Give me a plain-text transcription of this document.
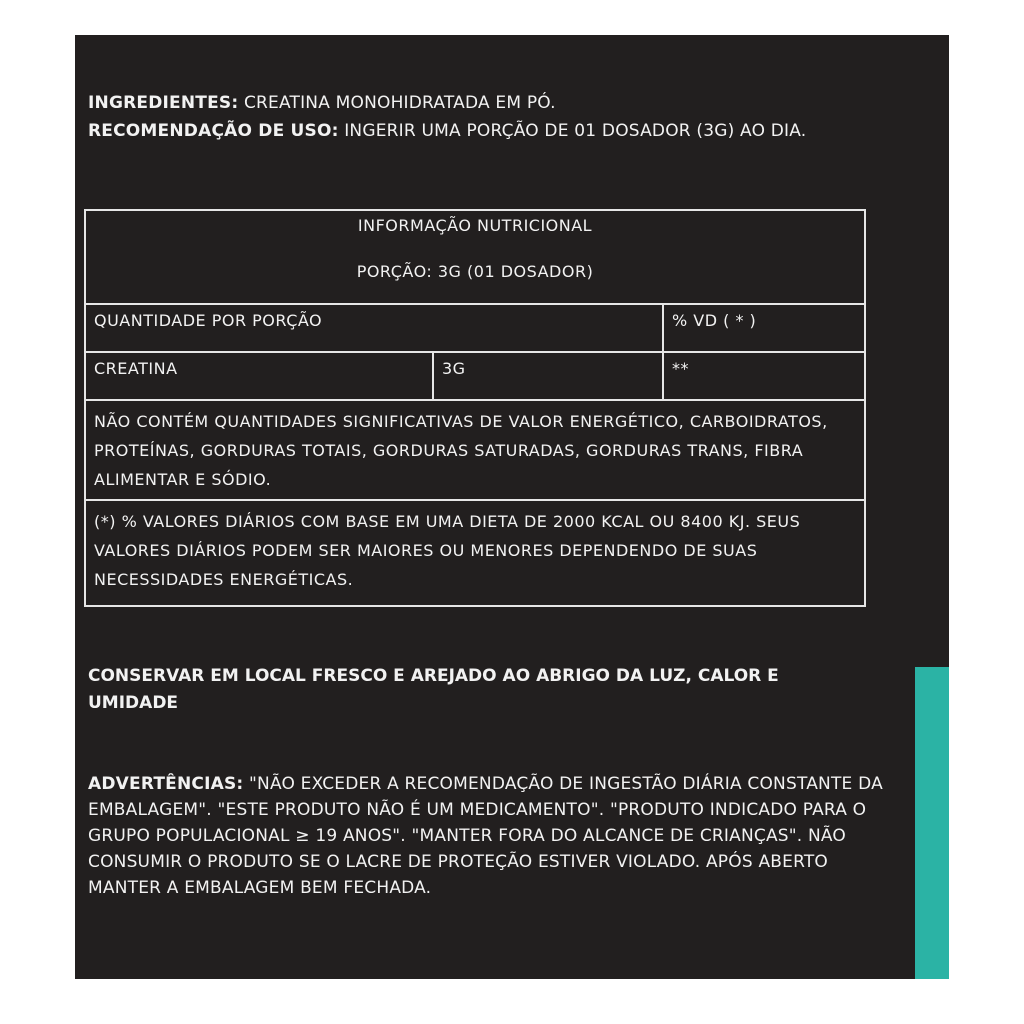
INGREDIENTES: CREATINA MONOHIDRATADA EM PÓ.
RECOMENDAÇÃO DE USO: INGERIR UMA PORÇÃO DE 01 DOSADOR (3G) AO DIA.
INFORMAÇÃO NUTRICIONAL
PORÇÃO: 3G (01 DOSADOR)
QUANTIDADE POR PORÇÃO	% VD ( * )
CREATINA	3G	**
NÃO CONTÉM QUANTIDADES SIGNIFICATIVAS DE VALOR ENERGÉTICO, CARBOIDRATOS, PROTEÍNAS, GORDURAS TOTAIS, GORDURAS SATURADAS, GORDURAS TRANS, FIBRA ALIMENTAR E SÓDIO.
(*) % VALORES DIÁRIOS COM BASE EM UMA DIETA DE 2000 KCAL OU 8400 KJ. SEUS VALORES DIÁRIOS PODEM SER MAIORES OU MENORES DEPENDENDO DE SUAS NECESSIDADES ENERGÉTICAS.
CONSERVAR EM LOCAL FRESCO E AREJADO AO ABRIGO DA LUZ, CALOR E UMIDADE
ADVERTÊNCIAS: "NÃO EXCEDER A RECOMENDAÇÃO DE INGESTÃO DIÁRIA CONSTANTE DA EMBALAGEM". "ESTE PRODUTO NÃO É UM MEDICAMENTO". "PRODUTO INDICADO PARA O GRUPO POPULACIONAL ≥ 19 ANOS". "MANTER FORA DO ALCANCE DE CRIANÇAS". NÃO CONSUMIR O PRODUTO SE O LACRE DE PROTEÇÃO ESTIVER VIOLADO. APÓS ABERTO MANTER A EMBALAGEM BEM FECHADA.
